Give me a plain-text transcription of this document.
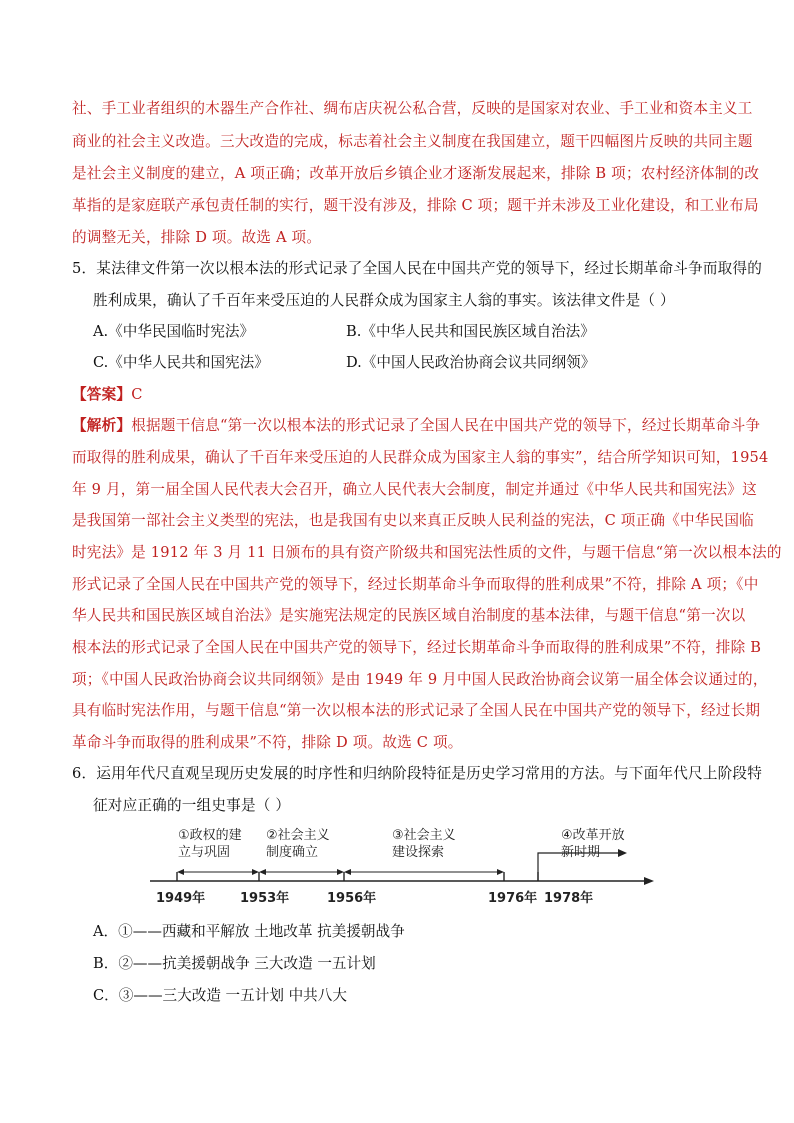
社、手工业者组织的木器生产合作社、绸布店庆祝公私合营，反映的是国家对农业、手工业和资本主义工
商业的社会主义改造。三大改造的完成，标志着社会主义制度在我国建立，题干四幅图片反映的共同主题
是社会主义制度的建立，A 项正确；改革开放后乡镇企业才逐渐发展起来，排除 B 项；农村经济体制的改
革指的是家庭联产承包责任制的实行，题干没有涉及，排除 C 项；题干并未涉及工业化建设，和工业布局
的调整无关，排除 D 项。故选 A 项。
5．某法律文件第一次以根本法的形式记录了全国人民在中国共产党的领导下，经过长期革命斗争而取得的
胜利成果，确认了千百年来受压迫的人民群众成为国家主人翁的事实。该法律文件是（ ）
A.《中华民国临时宪法》	B.《中华人民共和国民族区域自治法》
C.《中华人民共和国宪法》	D.《中国人民政治协商会议共同纲领》
【答案】C
【解析】根据题干信息“第一次以根本法的形式记录了全国人民在中国共产党的领导下，经过长期革命斗争
而取得的胜利成果，确认了千百年来受压迫的人民群众成为国家主人翁的事实”，结合所学知识可知，1954
年 9 月，第一届全国人民代表大会召开，确立人民代表大会制度，制定并通过《中华人民共和国宪法》这
是我国第一部社会主义类型的宪法，也是我国有史以来真正反映人民利益的宪法，C 项正确《中华民国临
时宪法》是 1912 年 3 月 11 日颁布的具有资产阶级共和国宪法性质的文件，与题干信息“第一次以根本法的
形式记录了全国人民在中国共产党的领导下，经过长期革命斗争而取得的胜利成果”不符，排除 A 项；《中
华人民共和国民族区域自治法》是实施宪法规定的民族区域自治制度的基本法律，与题干信息“第一次以
根本法的形式记录了全国人民在中国共产党的领导下，经过长期革命斗争而取得的胜利成果”不符，排除 B
项；《中国人民政治协商会议共同纲领》是由 1949 年 9 月中国人民政治协商会议第一届全体会议通过的，
具有临时宪法作用，与题干信息“第一次以根本法的形式记录了全国人民在中国共产党的领导下，经过长期
革命斗争而取得的胜利成果”不符，排除 D 项。故选 C 项。
6．运用年代尺直观呈现历史发展的时序性和归纳阶段特征是历史学习常用的方法。与下面年代尺上阶段特
征对应正确的一组史事是（ ）
①政权的建
立与巩固
②社会主义
制度确立
③社会主义
建设探索
④改革开放
新时期
1949年	1953年	1956年	1976年 1978年
A．①——西藏和平解放 土地改革 抗美援朝战争
B．②——抗美援朝战争 三大改造 一五计划
C．③——三大改造 一五计划 中共八大
